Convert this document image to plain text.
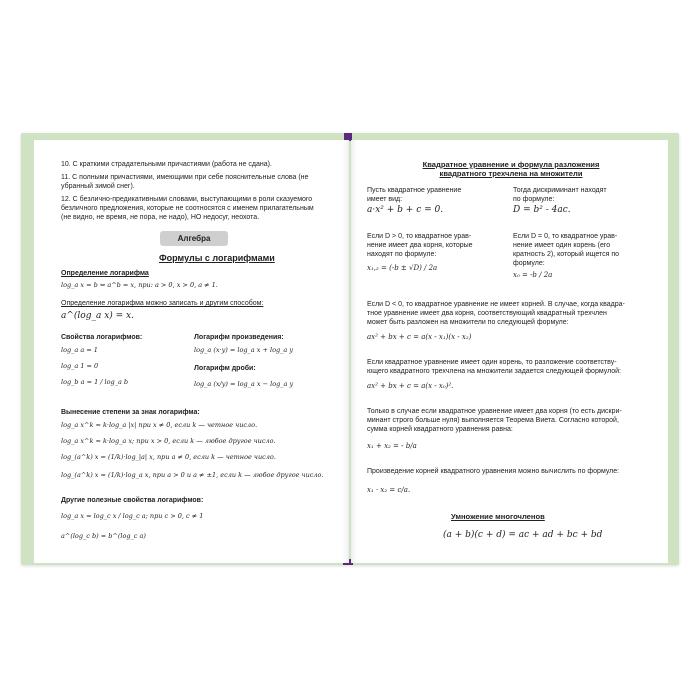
10. С краткими страдательными причастиями (работа не сдана).
11. С полными причастиями, имеющими при себе пояснительные слова (не
убранный зимой снег).
12. С безлично-предикативными словами, выступающими в роли сказуемого
безличного предложения, которые не соотносятся с именем прилагательным
(не видно, не время, не пора, не надо), НО недосуг, неохота.
Формулы с логарифмами
Определение логарифма
log_a x = b ⇔ a^b = x, при: a > 0, x > 0, a ≠ 1.
Определение логарифма можно записать и другим способом:
a^(log_a x) = x.
Свойства логарифмов:
log_a a = 1
log_a 1 = 0
log_b a = 1 / log_a b
Логарифм произведения:
log_a (x·y) = log_a x + log_a y
Логарифм дроби:
log_a (x/y) = log_a x − log_a y
Вынесение степени за знак логарифма:
log_a x^k = k·log_a |x| при x ≠ 0, если k — четное число.
log_a x^k = k·log_a x; при x > 0, если k — любое другое число.
log_(a^k) x = (1/k)·log_|a| x, при a ≠ 0, если k — четное число.
log_(a^k) x = (1/k)·log_a x, при a > 0 и a ≠ ±1, если k — любое другое число.
Другие полезные свойства логарифмов:
log_a x = log_c x / log_c a; при c > 0, c ≠ 1
a^(log_c b) = b^(log_c a)
Алгебра
Квадратное уравнение и формула разложения
квадратного трехчлена на множители
Пусть квадратное уравнение
имеет вид:
a·x² + b + c = 0.
Тогда дискриминант находят
по формуле:
D = b² - 4ac.
Если D > 0, то квадратное урав-
нение имеет два корня, которые
находят по формуле:
x₁,₂ = (-b ± √D) / 2a
Если D = 0, то квадратное урав-
нение имеет один корень (его
кратность 2), который ищется по
формуле:
x₀ = -b / 2a
Если D < 0, то квадратное уравнение не имеет корней. В случае, когда квадра-
тное уравнение имеет два корня, соответствующий квадратный трехчлен
может быть разложен на множители по следующей формуле:
ax² + bx + c = a(x - x₁)(x - x₂)
Если квадратное уравнение имеет один корень, то разложение соответству-
ющего квадратного трехчлена на множители задается следующей формулой:
ax² + bx + c = a(x - x₀)².
Только в случае если квадратное уравнение имеет два корня (то есть дискри-
минант строго больше нуля) выполняется Теорема Виета. Согласно которой,
сумма корней квадратного уравнения равна:
x₁ + x₂ = - b/a
Произведение корней квадратного уравнения можно вычислить по формуле:
x₁ · x₂ = c/a.
Умножение многочленов
(a + b)(c + d) = ac + ad + bc + bd
